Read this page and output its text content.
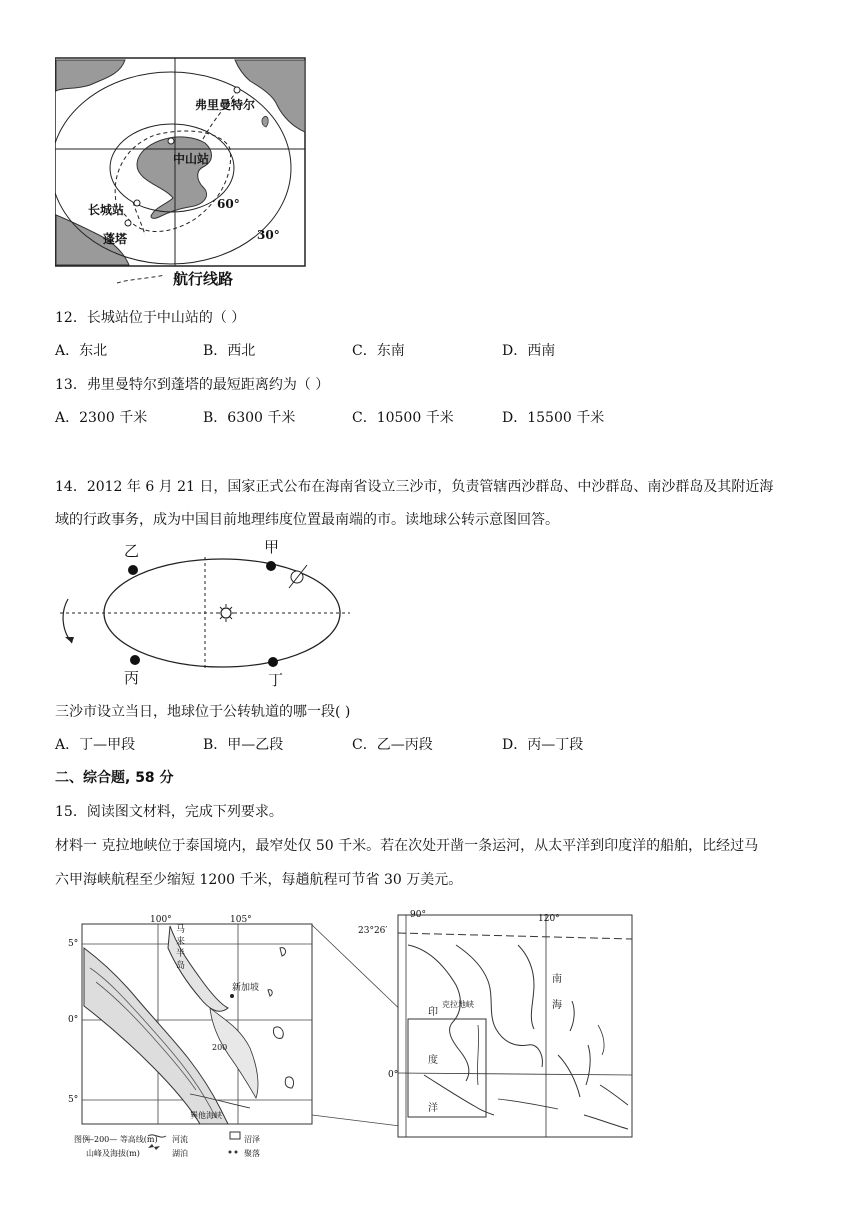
弗里曼特尔
中山站
长城站
蓬塔
60°
30°
航行线路
12．长城站位于中山站的（ ）
A．东北	B．西北	C．东南	D．西南
13．弗里曼特尔到蓬塔的最短距离约为（ ）
A．2300 千米	B．6300 千米	C．10500 千米	D．15500 千米
14．2012 年 6 月 21 日，国家正式公布在海南省设立三沙市，负责管辖西沙群岛、中沙群岛、南沙群岛及其附近海
域的行政事务，成为中国目前地理纬度位置最南端的市。读地球公转示意图回答。
乙	甲
丙	丁
三沙市设立当日，地球位于公转轨道的哪一段( )
A．丁—甲段	B．甲—乙段	C．乙—丙段	D．丙—丁段
二、综合题, 58 分
15．阅读图文材料，完成下列要求。
材料一 克拉地峡位于泰国境内，最窄处仅 50 千米。若在次处开凿一条运河，从太平洋到印度洋的船舶，比经过马
六甲海峡航程至少缩短 1200 千米，每趟航程可节省 30 万美元。
100°	105°
5°
0°
5°
马来半岛
新加坡
200
巽他海峡
图例
—200— 等高线(m)
山峰及海拔(m)
河流
湖泊
沼泽
聚落
23°26′
90°	120°
0°
印度洋
克拉地峡
南海
